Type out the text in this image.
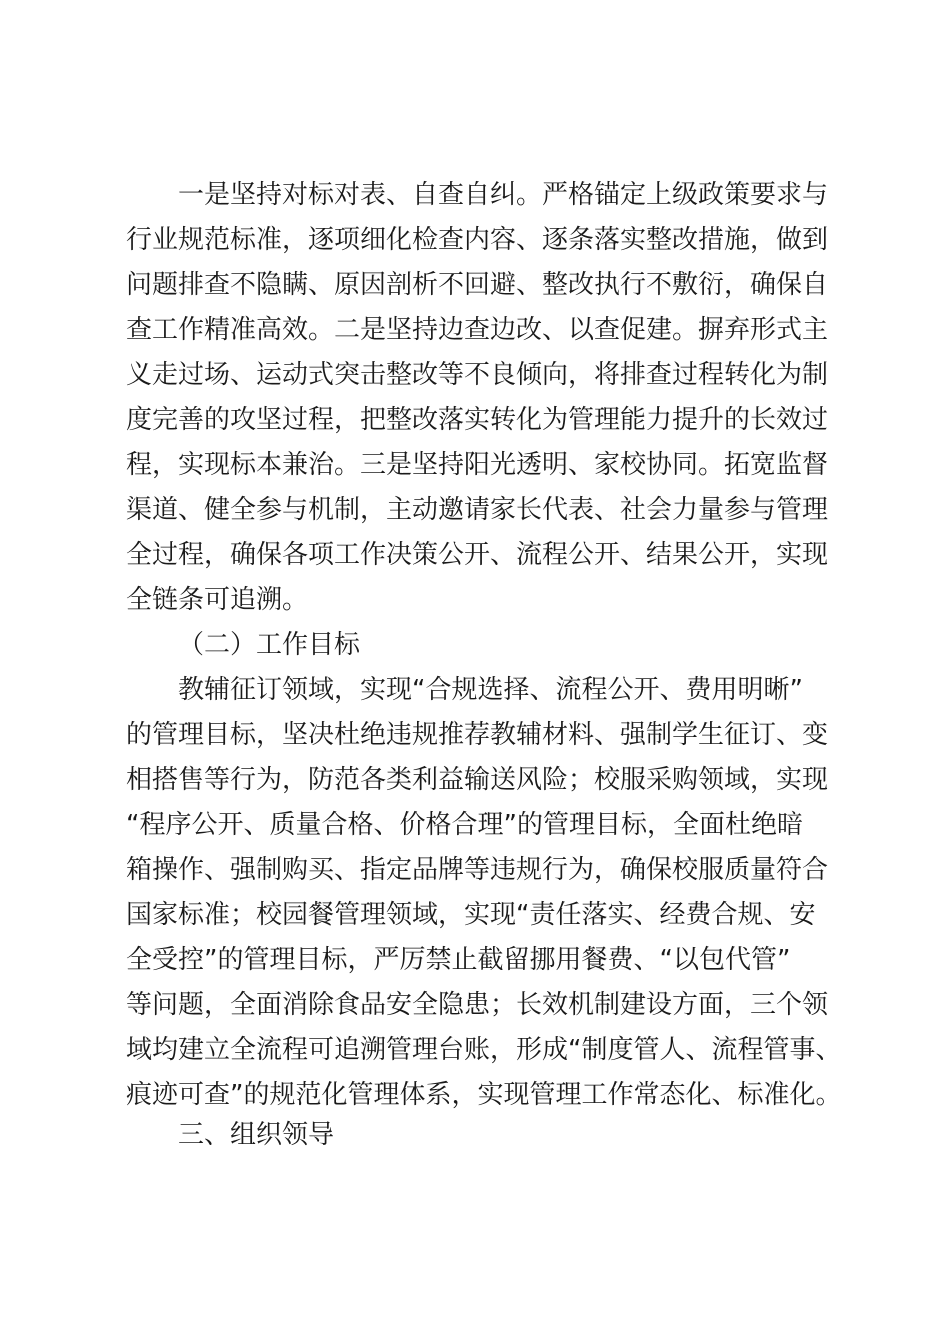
一是坚持对标对表、自查自纠。严格锚定上级政策要求与
行业规范标准，逐项细化检查内容、逐条落实整改措施，做到
问题排查不隐瞒、原因剖析不回避、整改执行不敷衍，确保自
查工作精准高效。二是坚持边查边改、以查促建。摒弃形式主
义走过场、运动式突击整改等不良倾向，将排查过程转化为制
度完善的攻坚过程，把整改落实转化为管理能力提升的长效过
程，实现标本兼治。三是坚持阳光透明、家校协同。拓宽监督
渠道、健全参与机制，主动邀请家长代表、社会力量参与管理
全过程，确保各项工作决策公开、流程公开、结果公开，实现
全链条可追溯。
（二）工作目标
教辅征订领域，实现“合规选择、流程公开、费用明晰”
的管理目标，坚决杜绝违规推荐教辅材料、强制学生征订、变
相搭售等行为，防范各类利益输送风险；校服采购领域，实现
“程序公开、质量合格、价格合理”的管理目标，全面杜绝暗
箱操作、强制购买、指定品牌等违规行为，确保校服质量符合
国家标准；校园餐管理领域，实现“责任落实、经费合规、安
全受控”的管理目标，严厉禁止截留挪用餐费、“以包代管”
等问题，全面消除食品安全隐患；长效机制建设方面，三个领
域均建立全流程可追溯管理台账，形成“制度管人、流程管事、
痕迹可查”的规范化管理体系，实现管理工作常态化、标准化。
三、组织领导
